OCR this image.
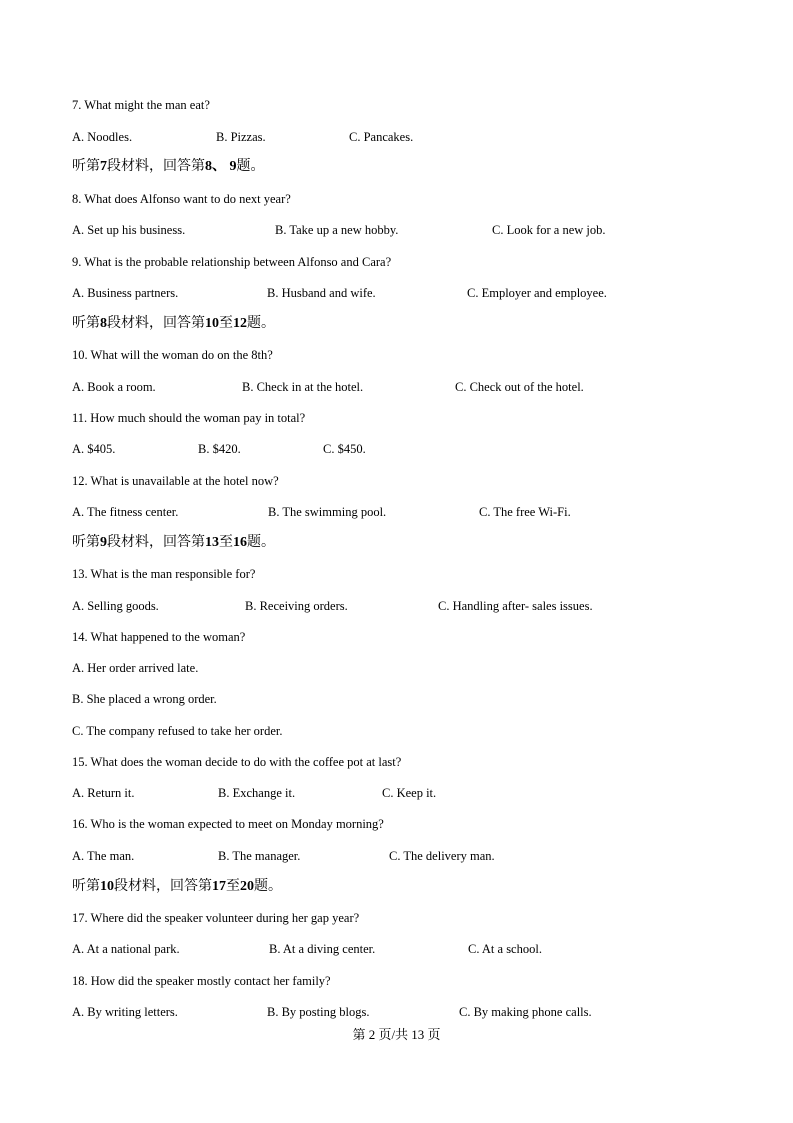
7. What might the man eat?
A. Noodles.	B. Pizzas.	C. Pancakes.
听第7段材料，回答第8、 9题。
8. What does Alfonso want to do next year?
A. Set up his business.	B. Take up a new hobby.	C. Look for a new job.
9. What is the probable relationship between Alfonso and Cara?
A. Business partners.	B. Husband and wife.	C. Employer and employee.
听第8段材料，回答第10至12题。
10. What will the woman do on the 8th?
A. Book a room.	B. Check in at the hotel.	C. Check out of the hotel.
11. How much should the woman pay in total?
A. $405.	B. $420.	C. $450.
12. What is unavailable at the hotel now?
A. The fitness center.	B. The swimming pool.	C. The free Wi-Fi.
听第9段材料，回答第13至16题。
13. What is the man responsible for?
A. Selling goods.	B. Receiving orders.	C. Handling after- sales issues.
14. What happened to the woman?
A. Her order arrived late.
B. She placed a wrong order.
C. The company refused to take her order.
15. What does the woman decide to do with the coffee pot at last?
A. Return it.	B. Exchange it.	C. Keep it.
16. Who is the woman expected to meet on Monday morning?
A. The man.	B. The manager.	C. The delivery man.
听第10段材料，回答第17至20题。
17. Where did the speaker volunteer during her gap year?
A. At a national park.	B. At a diving center.	C. At a school.
18. How did the speaker mostly contact her family?
A. By writing letters.	B. By posting blogs.	C. By making phone calls.
第 2 页/共 13 页
